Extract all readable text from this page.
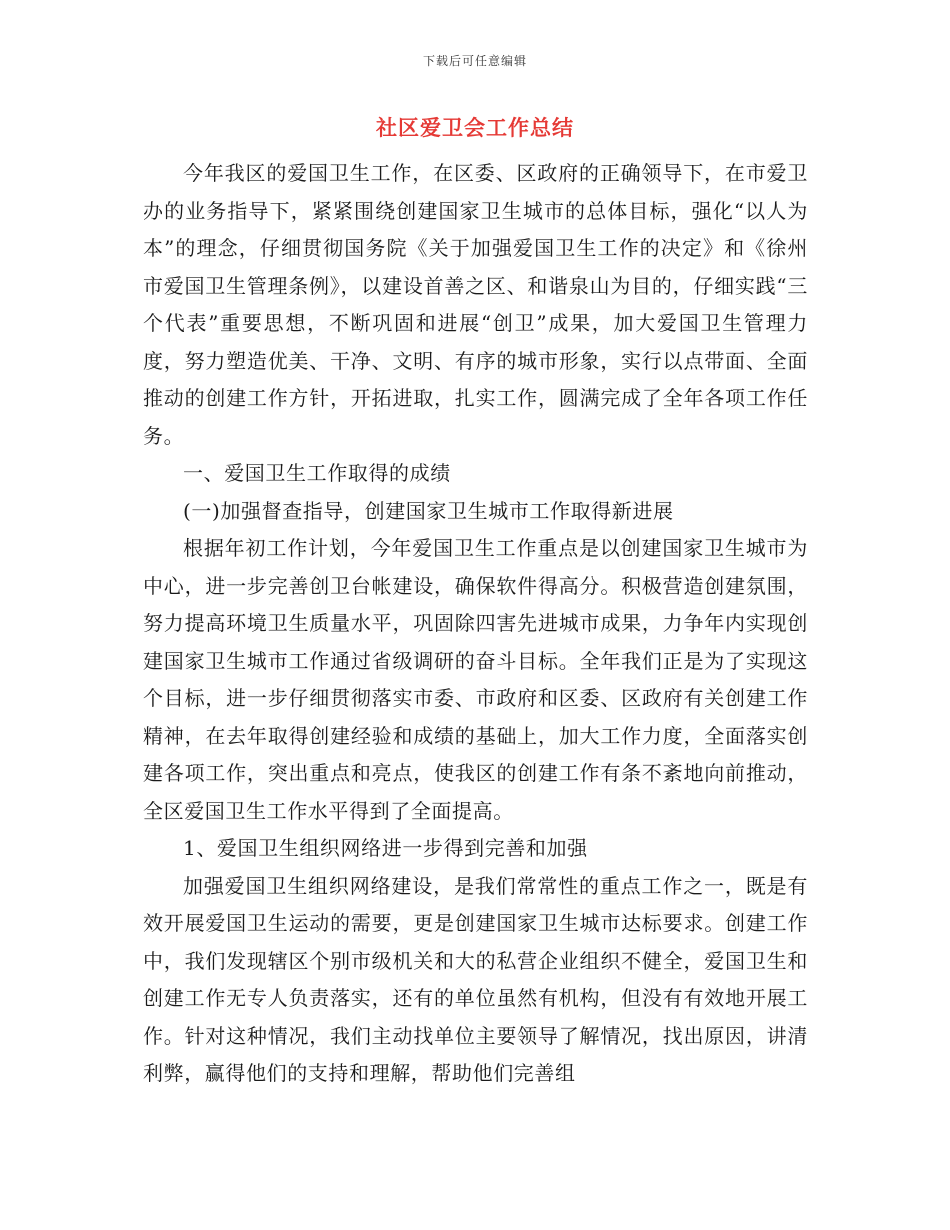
下载后可任意编辑
社区爱卫会工作总结

今年我区的爱国卫生工作，在区委、区政府的正确领导下，在市爱卫办的业务指导下，紧紧围绕创建国家卫生城市的总体目标，强化“以人为本”的理念，仔细贯彻国务院《关于加强爱国卫生工作的决定》和《徐州市爱国卫生管理条例》，以建设首善之区、和谐泉山为目的，仔细实践“三个代表”重要思想，不断巩固和进展“创卫”成果，加大爱国卫生管理力度，努力塑造优美、干净、文明、有序的城市形象，实行以点带面、全面推动的创建工作方针，开拓进取，扎实工作，圆满完成了全年各项工作任务。

一、爱国卫生工作取得的成绩

(一)加强督查指导，创建国家卫生城市工作取得新进展

根据年初工作计划，今年爱国卫生工作重点是以创建国家卫生城市为中心，进一步完善创卫台帐建设，确保软件得高分。积极营造创建氛围，努力提高环境卫生质量水平，巩固除四害先进城市成果，力争年内实现创建国家卫生城市工作通过省级调研的奋斗目标。全年我们正是为了实现这个目标，进一步仔细贯彻落实市委、市政府和区委、区政府有关创建工作精神，在去年取得创建经验和成绩的基础上，加大工作力度，全面落实创建各项工作，突出重点和亮点，使我区的创建工作有条不紊地向前推动，全区爱国卫生工作水平得到了全面提高。

1、爱国卫生组织网络进一步得到完善和加强

加强爱国卫生组织网络建设，是我们常常性的重点工作之一，既是有效开展爱国卫生运动的需要，更是创建国家卫生城市达标要求。创建工作中，我们发现辖区个别市级机关和大的私营企业组织不健全，爱国卫生和创建工作无专人负责落实，还有的单位虽然有机构，但没有有效地开展工作。针对这种情况，我们主动找单位主要领导了解情况，找出原因，讲清利弊，赢得他们的支持和理解，帮助他们完善组
